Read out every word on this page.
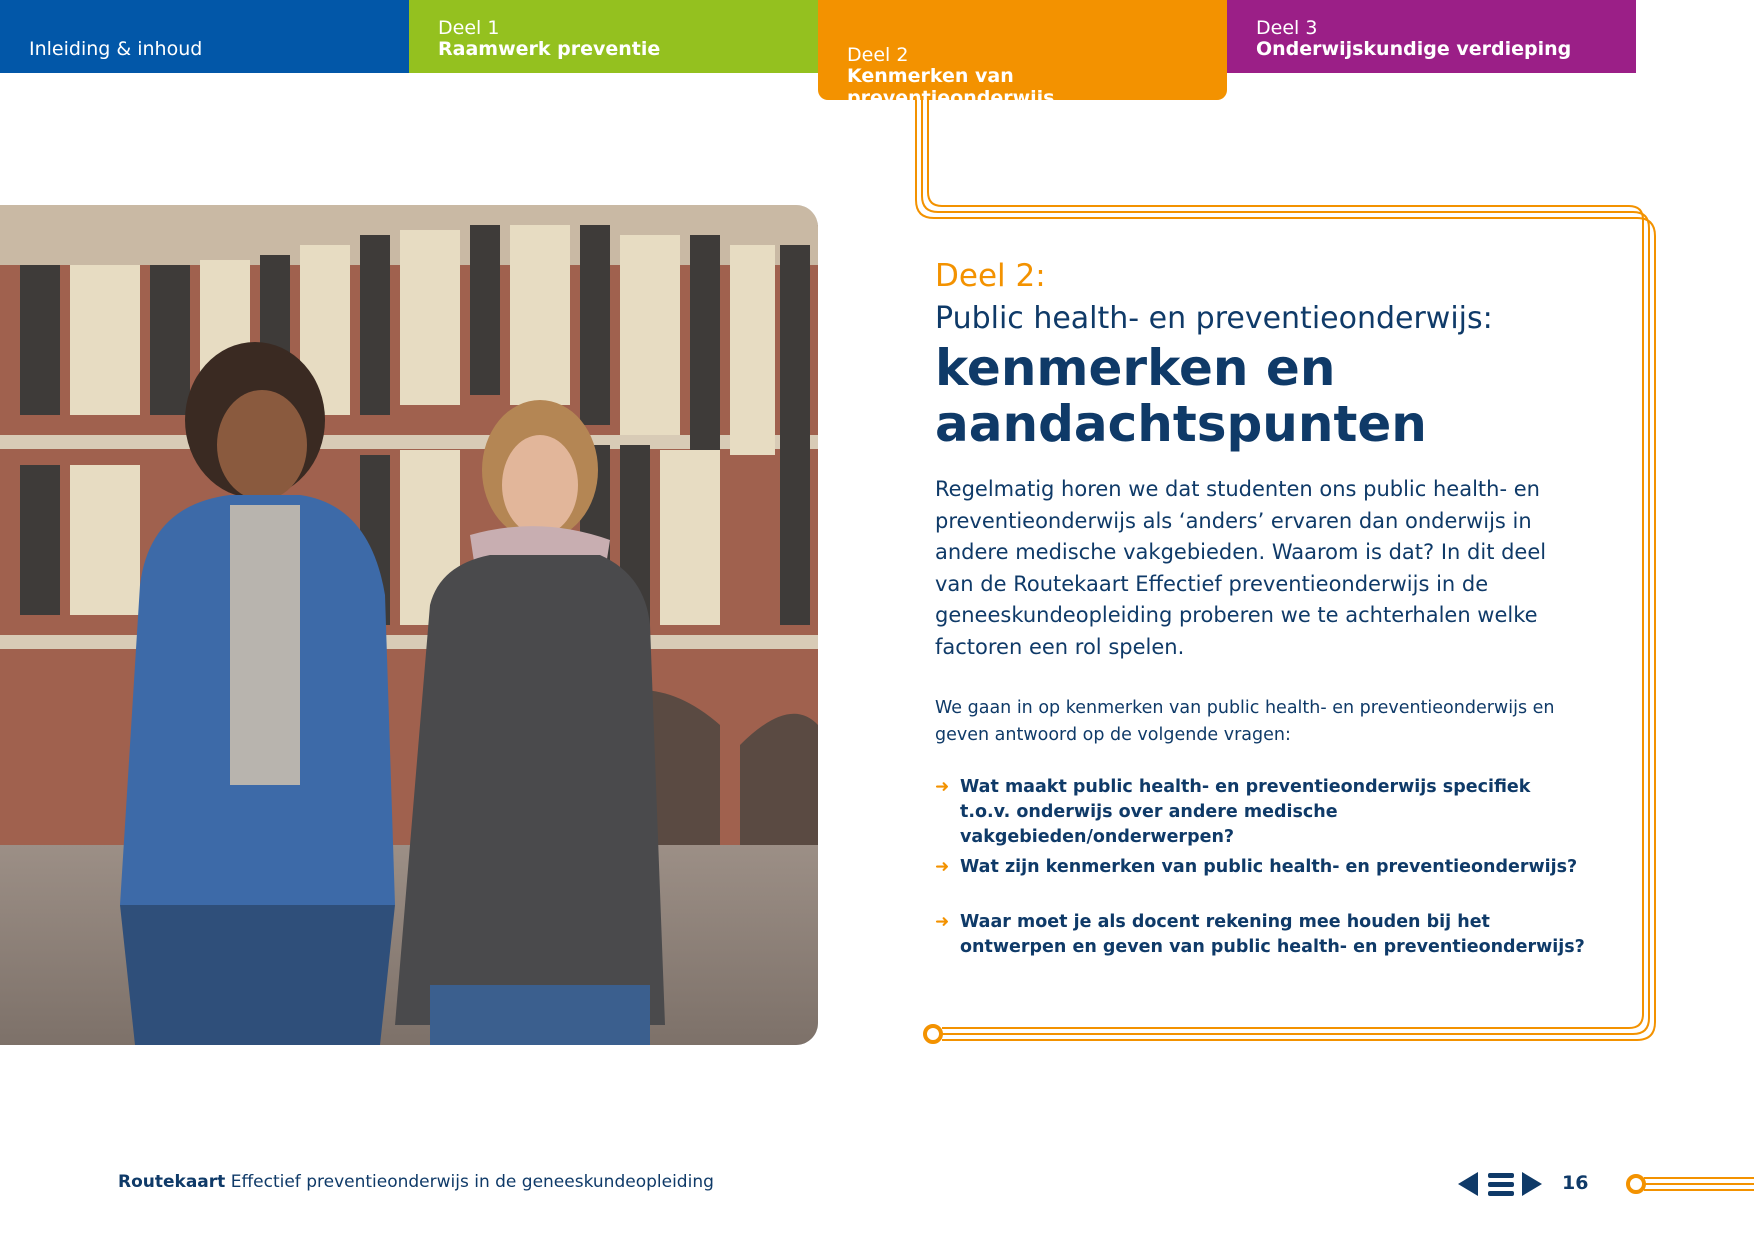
Inleiding & inhoud
Deel 1
Raamwerk preventie	Deel 2
Kenmerken van preventieonderwijs
Deel 3
Onderwijskundige verdieping
Deel 2:
Public health- en preventieonderwijs:
kenmerken en
aandachtspunten

Regelmatig horen we dat studenten ons public health- en preventieonderwijs als ‘anders’ ervaren dan onderwijs in andere medische vakgebieden. Waarom is dat? In dit deel van de Routekaart Effectief preventieonderwijs in de geneeskundeopleiding proberen we te achterhalen welke factoren een rol spelen.

We gaan in op kenmerken van public health- en preventieonderwijs en geven antwoord op de volgende vragen:

➜ Wat maakt public health- en preventieonderwijs specifiek t.o.v. onderwijs over andere medische vakgebieden/onderwerpen?
➜ Wat zijn kenmerken van public health- en preventieonderwijs?
➜ Waar moet je als docent rekening mee houden bij het ontwerpen en geven van public health- en preventieonderwijs?
Routekaart Effectief preventieonderwijs in de geneeskundeopleiding	16
